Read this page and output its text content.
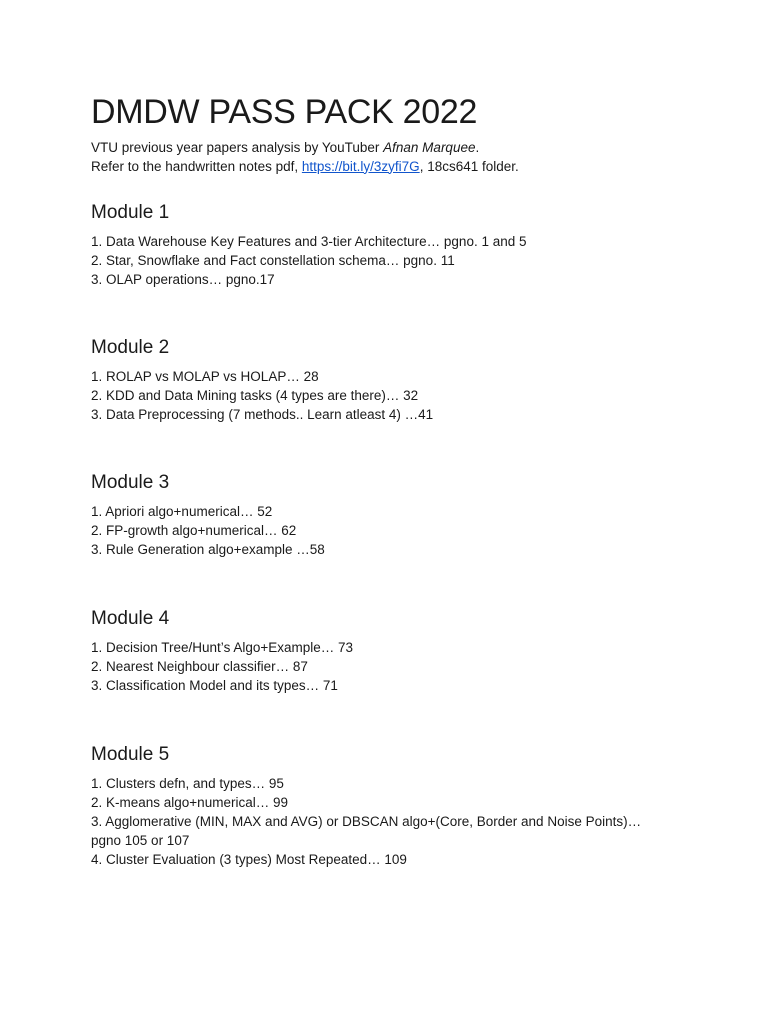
DMDW PASS PACK 2022

VTU previous year papers analysis by YouTuber Afnan Marquee.

Refer to the handwritten notes pdf, https://bit.ly/3zyfi7G, 18cs641 folder.

Module 1
1. Data Warehouse Key Features and 3-tier Architecture… pgno. 1 and 5
2. Star, Snowflake and Fact constellation schema… pgno. 11
3. OLAP operations… pgno.17
Module 2
1. ROLAP vs MOLAP vs HOLAP… 28
2. KDD and Data Mining tasks (4 types are there)… 32
3. Data Preprocessing (7 methods.. Learn atleast 4) …41
Module 3
1. Apriori algo+numerical… 52
2. FP-growth algo+numerical… 62
3. Rule Generation algo+example …58
Module 4
1. Decision Tree/Hunt’s Algo+Example… 73
2. Nearest Neighbour classifier… 87
3. Classification Model and its types… 71
Module 5
1. Clusters defn, and types… 95
2. K-means algo+numerical… 99
3. Agglomerative (MIN, MAX and AVG) or DBSCAN algo+(Core, Border and Noise Points)…
pgno 105 or 107
4. Cluster Evaluation (3 types) Most Repeated… 109
